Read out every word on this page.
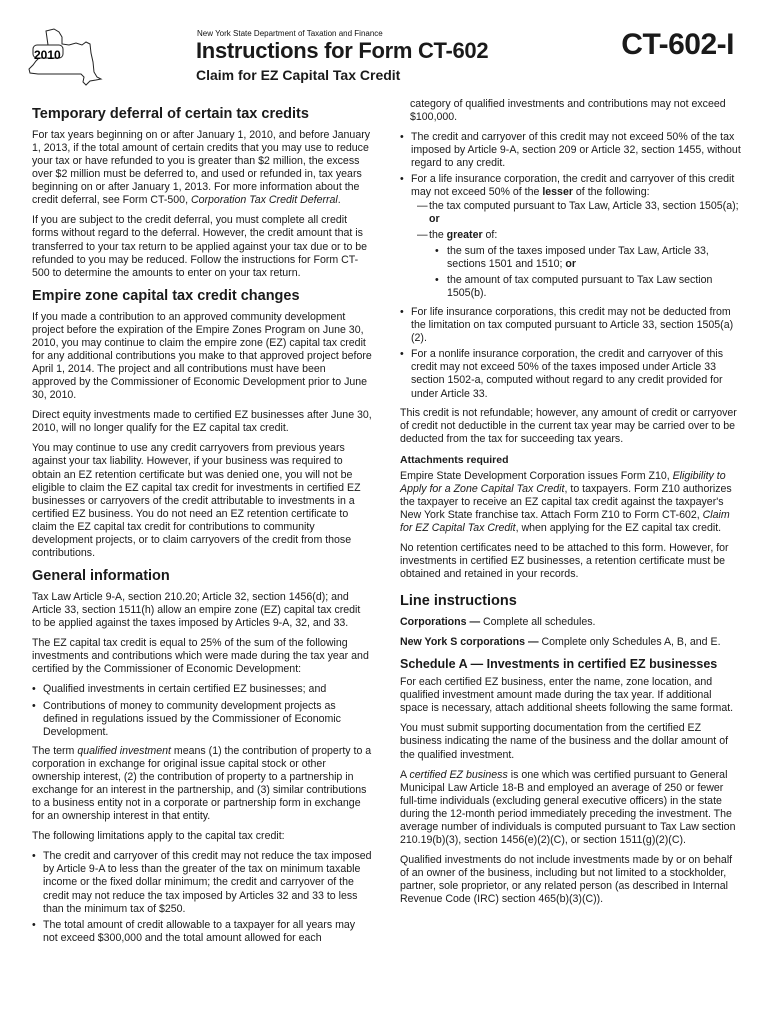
2010
New York State Department of Taxation and Finance
Instructions for Form CT-602
Claim for EZ Capital Tax Credit
CT-602-I
Temporary deferral of certain tax credits

For tax years beginning on or after January 1, 2010, and before January 1, 2013, if the total amount of certain credits that you may use to reduce your tax or have refunded to you is greater than $2 million, the excess over $2 million must be deferred to, and used or refunded in, tax years beginning on or after January 1, 2013. For more information about the credit deferral, see Form CT-500, Corporation Tax Credit Deferral.

If you are subject to the credit deferral, you must complete all credit forms without regard to the deferral. However, the credit amount that is transferred to your tax return to be applied against your tax due or to be refunded to you may be reduced. Follow the instructions for Form CT-500 to determine the amounts to enter on your tax return.

Empire zone capital tax credit changes

If you made a contribution to an approved community development project before the expiration of the Empire Zones Program on June 30, 2010, you may continue to claim the empire zone (EZ) capital tax credit for any additional contributions you make to that approved project before April 1, 2014. The project and all contributions must have been approved by the Commissioner of Economic Development prior to June 30, 2010.

Direct equity investments made to certified EZ businesses after June 30, 2010, will no longer qualify for the EZ capital tax credit.

You may continue to use any credit carryovers from previous years against your tax liability. However, if your business was required to obtain an EZ retention certificate but was denied one, you will not be eligible to claim the EZ capital tax credit for investments in certified EZ businesses or carryovers of the credit attributable to investments in a certified EZ business. You do not need an EZ retention certificate to claim the EZ capital tax credit for contributions to community development projects, or to claim carryovers of the credit from those contributions.

General information

Tax Law Article 9-A, section 210.20; Article 32, section 1456(d); and Article 33, section 1511(h) allow an empire zone (EZ) capital tax credit to be applied against the taxes imposed by Articles 9-A, 32, and 33.

The EZ capital tax credit is equal to 25% of the sum of the following investments and contributions which were made during the tax year and certified by the Commissioner of Economic Development:

• Qualified investments in certain certified EZ businesses; and
• Contributions of money to community development projects as defined in regulations issued by the Commissioner of Economic Development.

The term qualified investment means (1) the contribution of property to a corporation in exchange for original issue capital stock or other ownership interest, (2) the contribution of property to a partnership in exchange for an interest in the partnership, and (3) similar contributions to a business entity not in a corporate or partnership form in exchange for an ownership interest in that entity.

The following limitations apply to the capital tax credit:

• The credit and carryover of this credit may not reduce the tax imposed by Article 9-A to less than the greater of the tax on minimum taxable income or the fixed dollar minimum; the credit and carryover of the credit may not reduce the tax imposed by Articles 32 and 33 to less than the minimum tax of $250.
• The total amount of credit allowable to a taxpayer for all years may not exceed $300,000 and the total amount allowed for each

category of qualified investments and contributions may not exceed $100,000.

• The credit and carryover of this credit may not exceed 50% of the tax imposed by Article 9-A, section 209 or Article 32, section 1455, without regard to any credit.
• For a life insurance corporation, the credit and carryover of this credit may not exceed 50% of the lesser of the following:
— the tax computed pursuant to Tax Law, Article 33, section 1505(a); or
— the greater of:
• the sum of the taxes imposed under Tax Law, Article 33, sections 1501 and 1510; or
• the amount of tax computed pursuant to Tax Law section 1505(b).
• For life insurance corporations, this credit may not be deducted from the limitation on tax computed pursuant to Article 33, section 1505(a)(2).
• For a nonlife insurance corporation, the credit and carryover of this credit may not exceed 50% of the taxes imposed under Article 33 section 1502-a, computed without regard to any credit provided for under Article 33.

This credit is not refundable; however, any amount of credit or carryover of credit not deductible in the current tax year may be carried over to be deducted from the tax for succeeding tax years.

Attachments required

Empire State Development Corporation issues Form Z10, Eligibility to Apply for a Zone Capital Tax Credit, to taxpayers. Form Z10 authorizes the taxpayer to receive an EZ capital tax credit against the taxpayer's New York State franchise tax. Attach Form Z10 to Form CT-602, Claim for EZ Capital Tax Credit, when applying for the EZ capital tax credit.

No retention certificates need to be attached to this form. However, for investments in certified EZ businesses, a retention certificate must be obtained and retained in your records.

Line instructions

Corporations — Complete all schedules.

New York S corporations — Complete only Schedules A, B, and E.

Schedule A — Investments in certified EZ businesses

For each certified EZ business, enter the name, zone location, and qualified investment amount made during the tax year. If additional space is necessary, attach additional sheets following the same format.

You must submit supporting documentation from the certified EZ business indicating the name of the business and the dollar amount of the qualified investment.

A certified EZ business is one which was certified pursuant to General Municipal Law Article 18-B and employed an average of 250 or fewer full-time individuals (excluding general executive officers) in the state during the 12-month period immediately preceding the investment. The average number of individuals is computed pursuant to Tax Law section 210.19(b)(3), section 1456(e)(2)(C), or section 1511(g)(2)(C).

Qualified investments do not include investments made by or on behalf of an owner of the business, including but not limited to a stockholder, partner, sole proprietor, or any related person (as described in Internal Revenue Code (IRC) section 465(b)(3)(C)).
